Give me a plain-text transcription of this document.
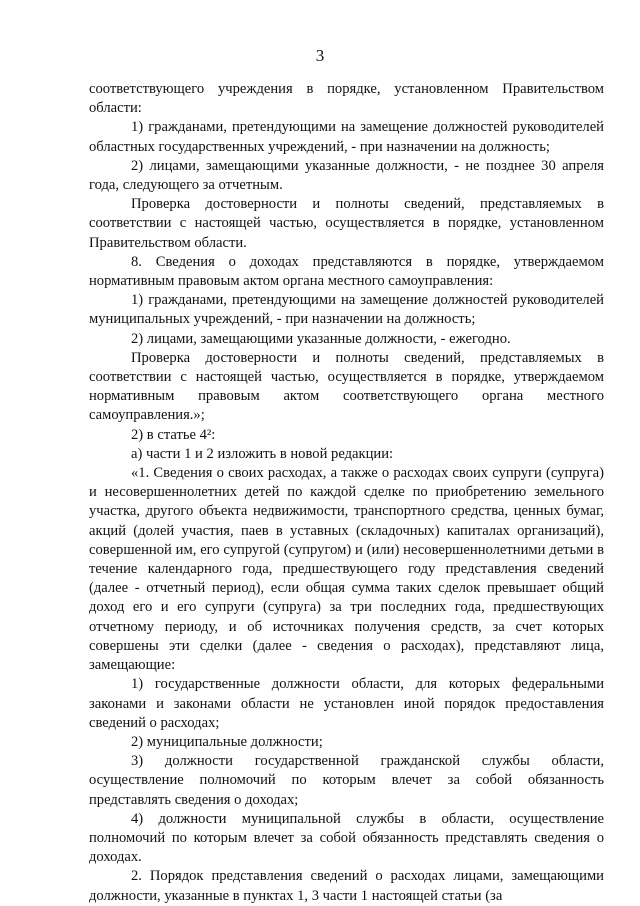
3

соответствующего учреждения в порядке, установленном Правительством области:

1) гражданами, претендующими на замещение должностей руководителей областных государственных учреждений, - при назначении на должность;

2) лицами, замещающими указанные должности, - не позднее 30 апреля года, следующего за отчетным.

Проверка достоверности и полноты сведений, представляемых в соответствии с настоящей частью, осуществляется в порядке, установленном Правительством области.

8. Сведения о доходах представляются в порядке, утверждаемом нормативным правовым актом органа местного самоуправления:

1) гражданами, претендующими на замещение должностей руководителей муниципальных учреждений, - при назначении на должность;

2) лицами, замещающими указанные должности, - ежегодно.

Проверка достоверности и полноты сведений, представляемых в соответствии с настоящей частью, осуществляется в порядке, утверждаемом нормативным правовым актом соответствующего органа местного самоуправления.»;

2) в статье 4²:

а) части 1 и 2 изложить в новой редакции:

«1. Сведения о своих расходах, а также о расходах своих супруги (супруга) и несовершеннолетних детей по каждой сделке по приобретению земельного участка, другого объекта недвижимости, транспортного средства, ценных бумаг, акций (долей участия, паев в уставных (складочных) капиталах организаций), совершенной им, его супругой (супругом) и (или) несовершеннолетними детьми в течение календарного года, предшествующего году представления сведений (далее - отчетный период), если общая сумма таких сделок превышает общий доход его и его супруги (супруга) за три последних года, предшествующих отчетному периоду, и об источниках получения средств, за счет которых совершены эти сделки (далее - сведения о расходах), представляют лица, замещающие:

1) государственные должности области, для которых федеральными законами и законами области не установлен иной порядок предоставления сведений о расходах;

2) муниципальные должности;

3) должности государственной гражданской службы области, осуществление полномочий по которым влечет за собой обязанность представлять сведения о доходах;

4) должности муниципальной службы в области, осуществление полномочий по которым влечет за собой обязанность представлять сведения о доходах.

2. Порядок представления сведений о расходах лицами, замещающими должности, указанные в пунктах 1, 3 части 1 настоящей статьи (за
